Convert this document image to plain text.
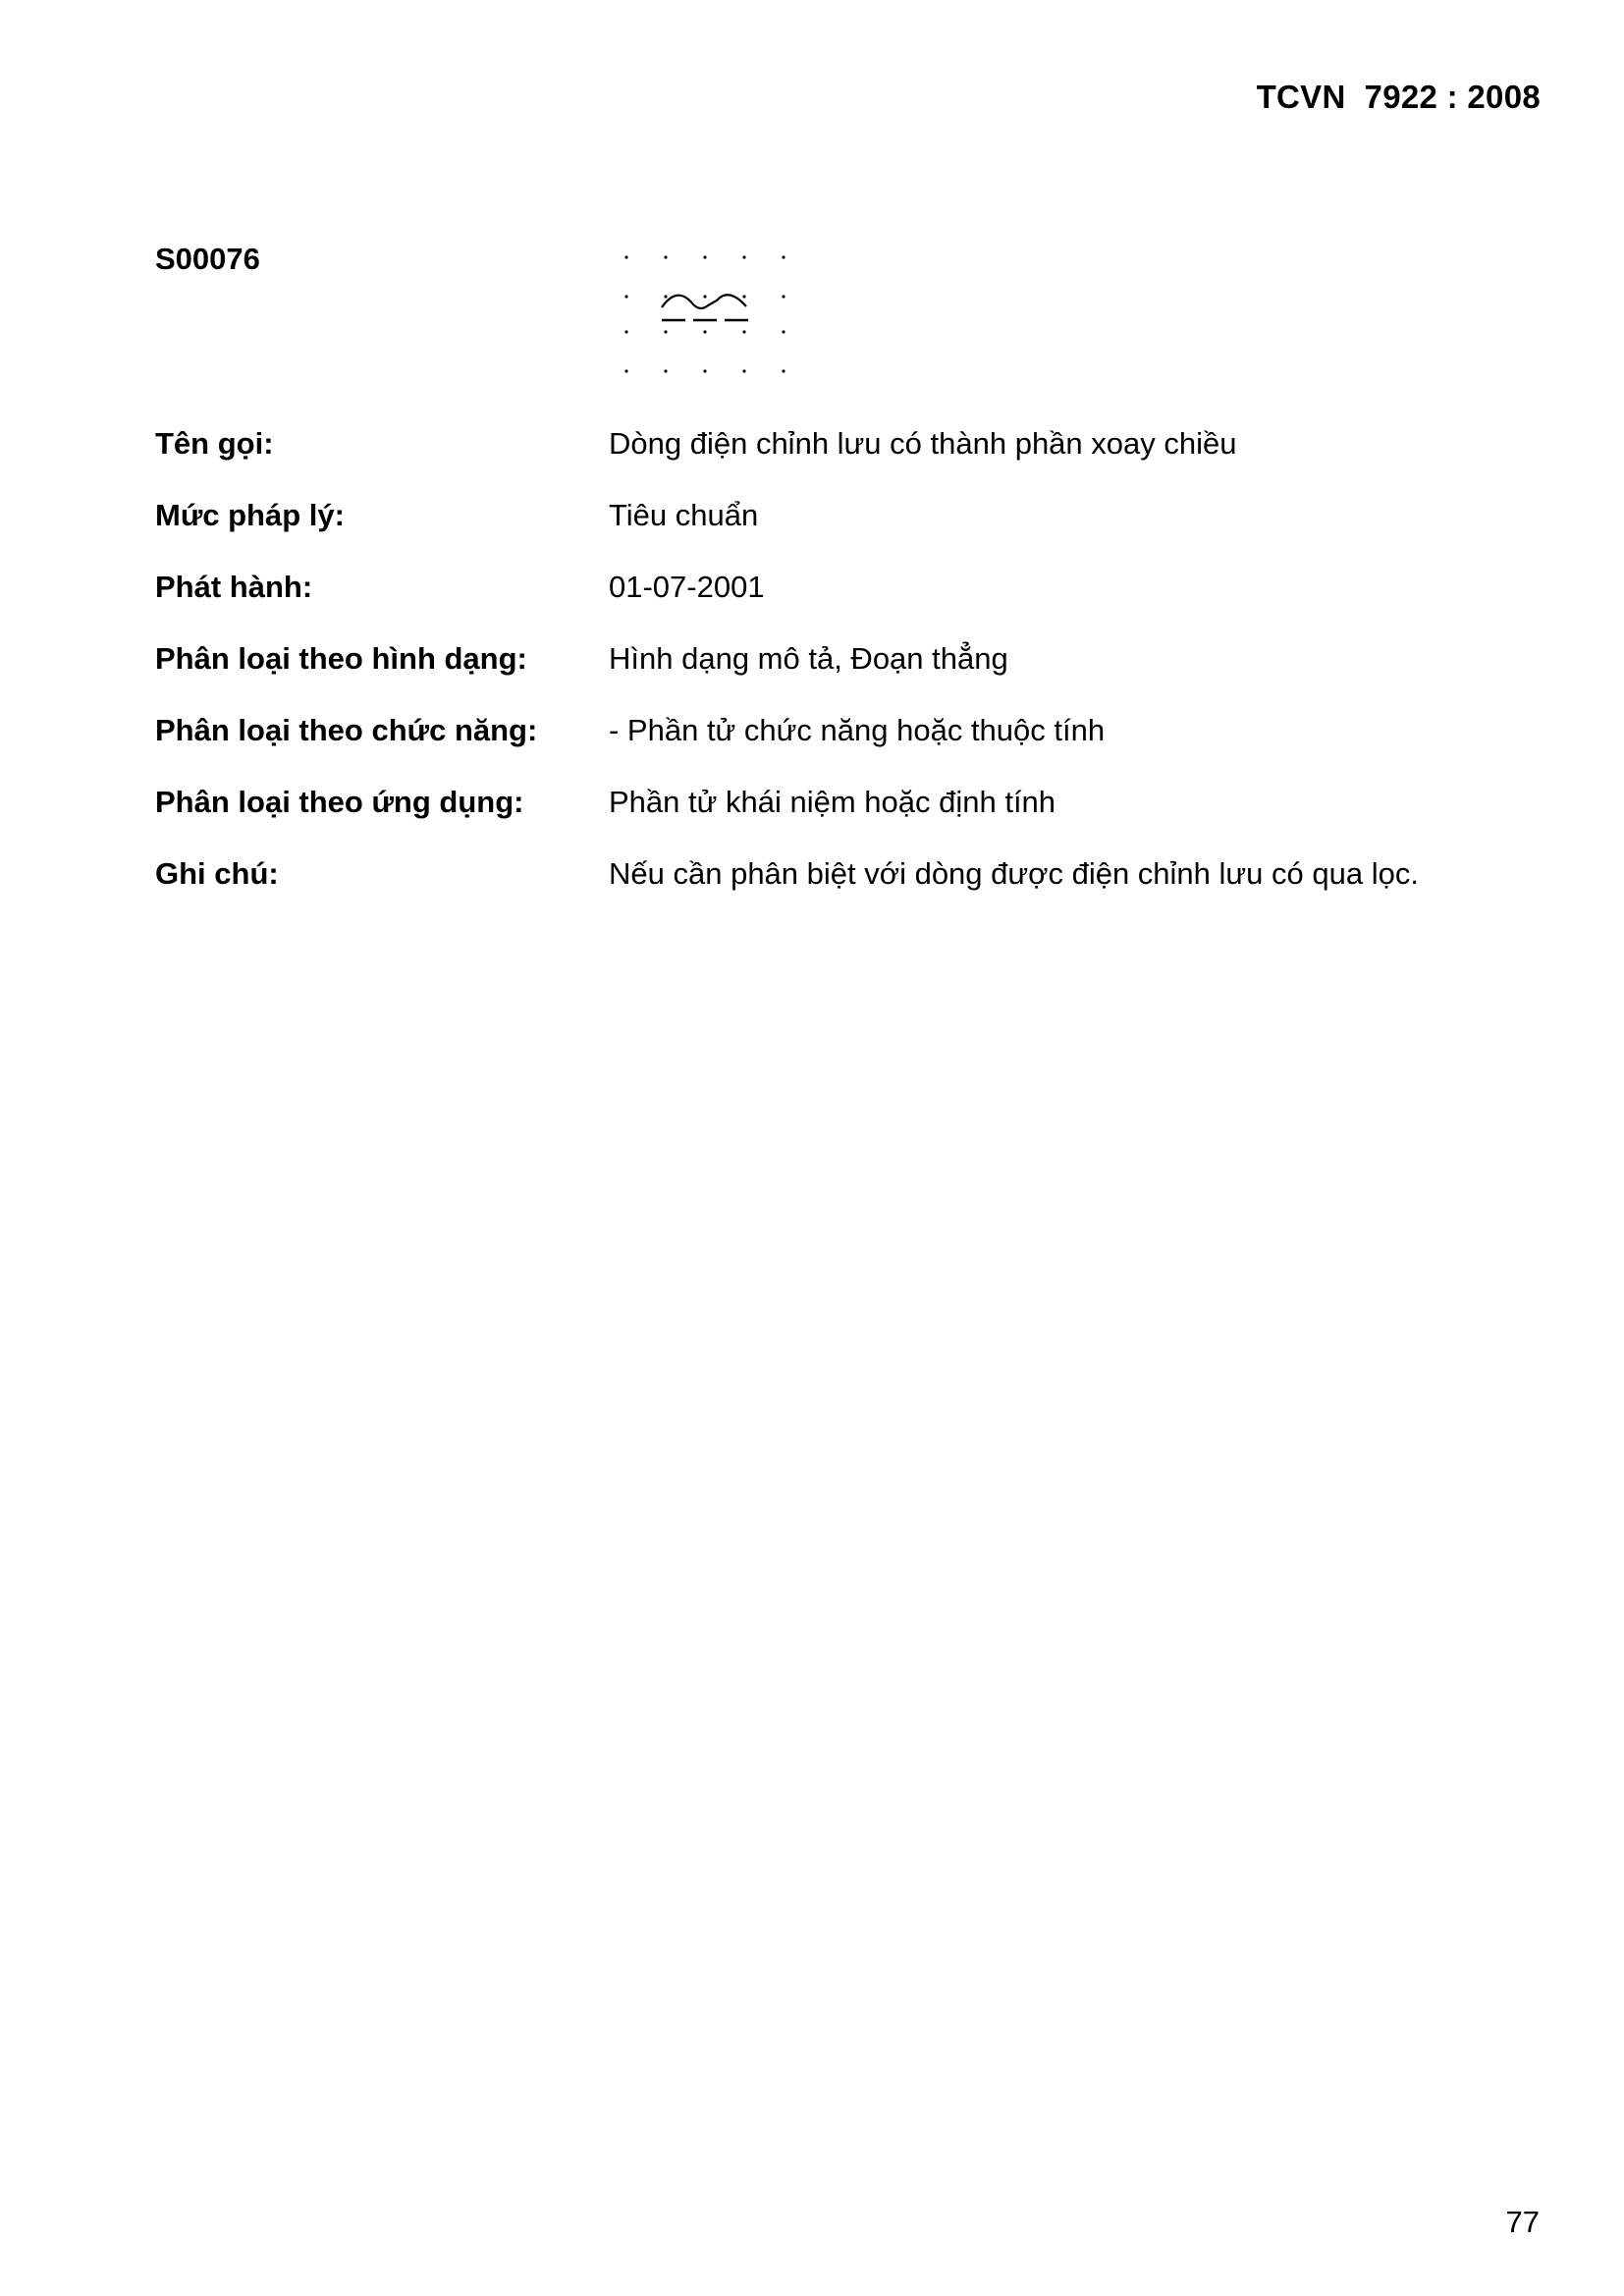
TCVN  7922 : 2008
S00076
Tên gọi:	Dòng điện chỉnh lưu có thành phần xoay chiều
Mức pháp lý:	Tiêu chuẩn
Phát hành:	01-07-2001
Phân loại theo hình dạng:	Hình dạng mô tả, Đoạn thẳng
Phân loại theo chức năng: - Phần tử chức năng hoặc thuộc tính
Phân loại theo ứng dụng:	Phần tử khái niệm hoặc định tính
Ghi chú:	Nếu cần phân biệt với dòng được điện chỉnh lưu có qua lọc.
77
